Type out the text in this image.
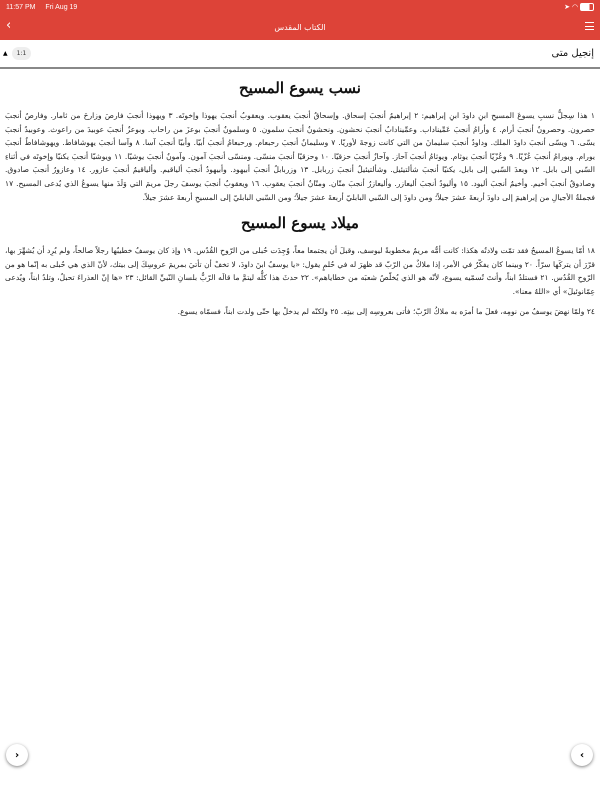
11:57 PM Fri Aug 19	➤ ◠
‹	الكتاب المقدس
▲	1:1	إنجيل متى
نسب يسوع المسيح

١ هذا سِجلُّ نسبِ يسوعَ المسيحِ ابنِ داودَ ابنِ إبراهيم: ٢ إبراهيمُ أنجبَ إسحاق. وإسحاقُ أنجبَ يعقوب. ويعقوبُ أنجبَ يهوذا وإخوتَه. ٣ ويهوذا أنجبَ فارصَ وزارحَ من ثامار. وفارصُ أنجبَ حصرون. وحصرونُ أنجبَ أرام. ٤ وأرامُ أنجبَ عَمِّيناداب. وعمِّينادابُ أنجبَ نحشون. ونحشونُ أنجبَ سلمون. ٥ وسلمونُ أنجبَ بوعزَ من راحاب. وبوعزُ أنجبَ عوبيدَ من راعوث. وعوبيدُ أنجبَ يسّى. ٦ ويسّى أنجبَ داودَ الملك. وداودُ أنجبَ سليمانَ من التي كانت زوجةَ لأوريّا. ٧ وسليمانُ أنجبَ رحبعام. ورحبعامُ أنجبَ أبيّا. وأبيّا أنجبَ آسا. ٨ وآسا أنجبَ يهوشافاط. ويهوشافاطُ أنجبَ يورام. ويورامُ أنجبَ عُزّيّا. ٩ وعُزّيّا أنجبَ يوثام. ويوثامُ أنجبَ آحاز. وآحازُ أنجبَ حزقيّا. ١٠ وحزقيّا أنجبَ منسّى. ومنسّى أنجبَ آمون. وآمونُ أنجبَ يوشيّا. ١١ ويوشيّا أنجبَ يكنيّا وإخوتَه في أثناءِ السّبي إلى بابل. ١٢ وبعدَ السّبي إلى بابل، يكنيّا أنجبَ شألتيئيل. وشألتيئيلُ أنجبَ زربابل. ١٣ وزربابلُ أنجبَ أبيهود. وأبيهودُ أنجبَ ألياقيم. وألياقيمُ أنجبَ عازور. ١٤ وعازورُ أنجبَ صادوق. وصادوقُ أنجبَ أخيم. وأخيمُ أنجبَ أليود. ١٥ وأليودُ أنجبَ أليعازر. وأليعازرُ أنجبَ متّان. ومتّانُ أنجبَ يعقوب. ١٦ ويعقوبُ أنجبَ يوسفَ رجلَ مريمَ التي وَلَدَ منها يسوعُ الذي يُدعى المسيح. ١٧ فجملةُ الأجيالِ من إبراهيمَ إلى داودَ أربعةَ عشرَ جيلاً؛ ومن داودَ إلى السّبي البابليّ أربعةَ عشرَ جيلاً؛ ومن السّبي البابليّ إلى المسيحِ أربعةَ عشرَ جيلاً.

ميلاد يسوع المسيح

١٨ أمّا يسوعُ المسيحُ فقد تمّت ولادتُه هكذا: كانت أمُّه مريمُ مخطوبةً ليوسف، وقبلَ أن يجتمعا معاً، وُجِدَت حُبلى من الرّوحِ القُدُس. ١٩ وإذ كان يوسفُ خطيبُها رجلاً صالحاً، ولم يُرِد أن يُشهِّرَ بها، قرّرَ أن يتركَها سرّاً. ٢٠ وبينما كان يفكّرُ في الأمر، إذا ملاكٌ من الرّبّ قد ظهرَ له في حُلمٍ يقول: «يا يوسفُ ابنَ داودَ، لا تخفْ أن تأتيَ بمريمَ عروسِكَ إلى بيتك، لأنّ الذي هي حُبلى به إنّما هو من الرّوحِ القُدُس. ٢١ فستلدُ ابناً، وأنتَ تُسمّيه يسوع، لأنّه هو الذي يُخلّصُ شعبَه من خطاياهم». ٢٢ حدثَ هذا كلُّه ليتمَّ ما قالَه الرّبُّ بلسانِ النّبيِّ القائل: ٢٣ «ها إنّ العذراءَ تحبلُ، وتلدُ ابناً، ويُدعى عِمّانوئيلَ» أي «اللهُ معنا».

٢٤ ولمّا نهضَ يوسفُ من نومِه، فعلَ ما أمرَه به ملاكُ الرّبّ؛ فأتى بعروسِه إلى بيتِه. ٢٥ ولكنّه لم يدخلْ بها حتّى ولدت ابناً، فسمّاه يسوع.

›	‹
